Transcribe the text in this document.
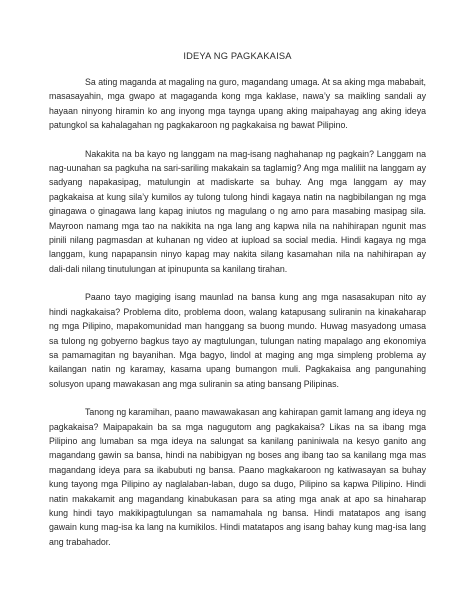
IDEYA NG PAGKAKAISA

Sa ating maganda at magaling na guro, magandang umaga. At sa aking mga mababait, masasayahin, mga gwapo at magaganda kong mga kaklase, nawa’y sa maikling sandali ay hayaan ninyong hiramin ko ang inyong mga taynga upang aking maipahayag ang aking ideya patungkol sa kahalagahan ng pagkakaroon ng pagkakaisa ng bawat Pilipino.

Nakakita na ba kayo ng langgam na mag-isang naghahanap ng pagkain? Langgam na nag-uunahan sa pagkuha na sari-sariling makakain sa taglamig? Ang mga maliliit na langgam ay sadyang napakasipag, matulungin at madiskarte sa buhay. Ang mga langgam ay may pagkakaisa at kung sila’y kumilos ay tulong tulong hindi kagaya natin na nagbibilangan ng mga ginagawa o ginagawa lang kapag iniutos ng magulang o ng amo para masabing masipag sila. Mayroon namang mga tao na nakikita na nga lang ang kapwa nila na nahihirapan ngunit mas pinili nilang pagmasdan at kuhanan ng video at iupload sa social media. Hindi kagaya ng mga langgam, kung napapansin ninyo kapag may nakita silang kasamahan nila na nahihirapan ay dali-dali nilang tinutulungan at ipinupunta sa kanilang tirahan.

Paano tayo magiging isang maunlad na bansa kung ang mga nasasakupan nito ay hindi nagkakaisa? Problema dito, problema doon, walang katapusang suliranin na kinakaharap ng mga Pilipino, mapakomunidad man hanggang sa buong mundo. Huwag masyadong umasa sa tulong ng gobyerno bagkus tayo ay magtulungan, tulungan nating mapalago ang ekonomiya sa pamamagitan ng bayanihan. Mga bagyo, lindol at maging ang mga simpleng problema ay kailangan natin ng karamay, kasama upang bumangon muli. Pagkakaisa ang pangunahing solusyon upang mawakasan ang mga suliranin sa ating bansang Pilipinas.

Tanong ng karamihan, paano mawawakasan ang kahirapan gamit lamang ang ideya ng pagkakaisa? Maipapakain ba sa mga nagugutom ang pagkakaisa? Likas na sa ibang mga Pilipino ang lumaban sa mga ideya na salungat sa kanilang paniniwala na kesyo ganito ang magandang gawin sa bansa, hindi na nabibigyan ng boses ang ibang tao sa kanilang mga mas magandang ideya para sa ikabubuti ng bansa. Paano magkakaroon ng katiwasayan sa buhay kung tayong mga Pilipino ay naglalaban-laban, dugo sa dugo, Pilipino sa kapwa Pilipino. Hindi natin makakamit ang magandang kinabukasan para sa ating mga anak at apo sa hinaharap kung hindi tayo makikipagtulungan sa namamahala ng bansa. Hindi matatapos ang isang gawain kung mag-isa ka lang na kumikilos. Hindi matatapos ang isang bahay kung mag-isa lang ang trabahador.
